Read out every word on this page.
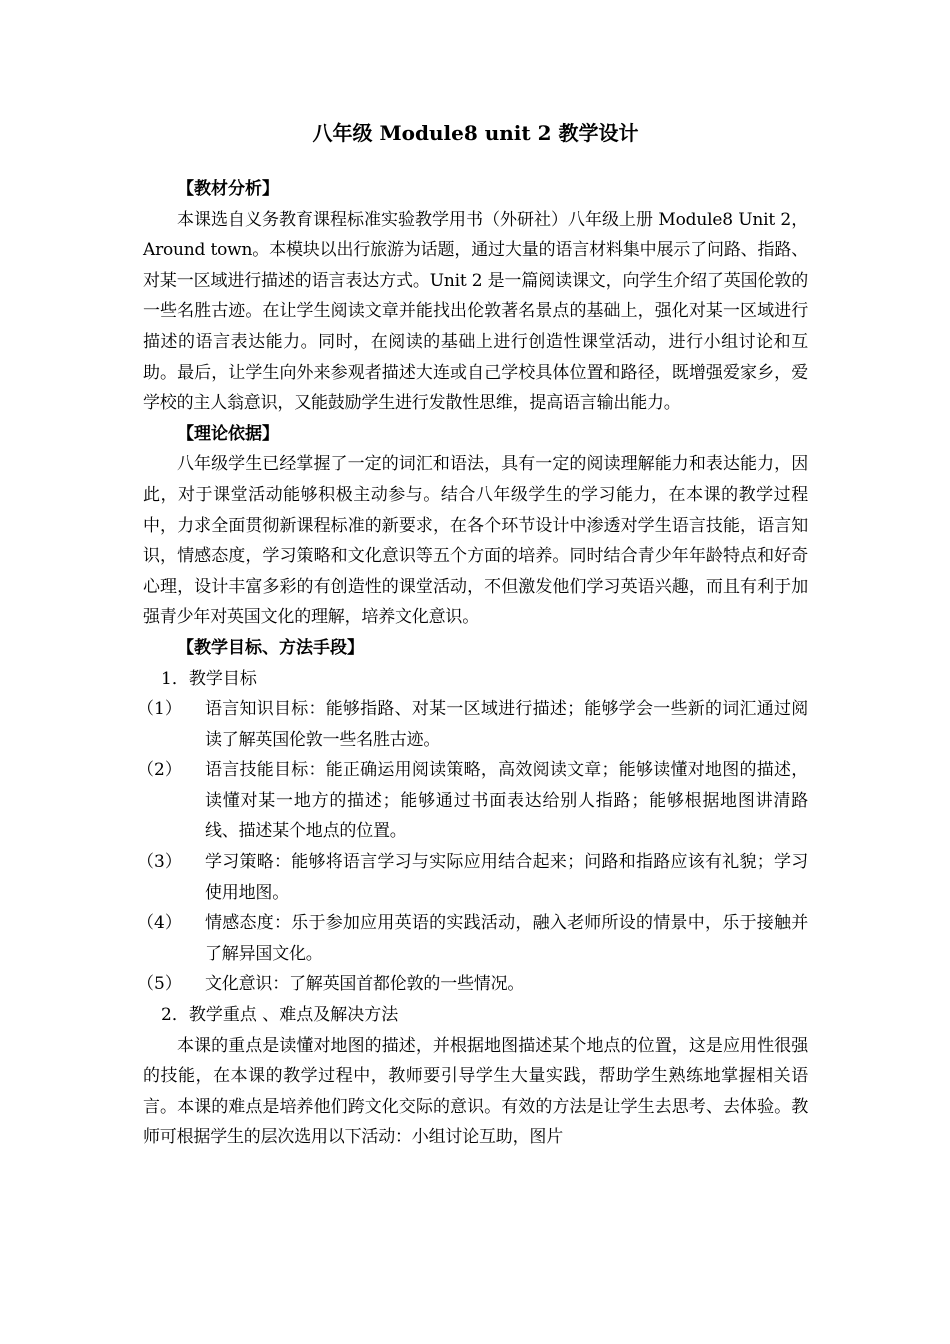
八年级 Module8 unit 2 教学设计

【教材分析】

本课选自义务教育课程标准实验教学用书（外研社）八年级上册 Module8 Unit 2， Around town。本模块以出行旅游为话题，通过大量的语言材料集中展示了问路、指路、对某一区域进行描述的语言表达方式。Unit 2 是一篇阅读课文，向学生介绍了英国伦敦的一些名胜古迹。在让学生阅读文章并能找出伦敦著名景点的基础上，强化对某一区域进行描述的语言表达能力。同时，在阅读的基础上进行创造性课堂活动，进行小组讨论和互助。最后，让学生向外来参观者描述大连或自己学校具体位置和路径，既增强爱家乡，爱学校的主人翁意识，又能鼓励学生进行发散性思维，提高语言输出能力。

【理论依据】

八年级学生已经掌握了一定的词汇和语法，具有一定的阅读理解能力和表达能力，因此，对于课堂活动能够积极主动参与。结合八年级学生的学习能力，在本课的教学过程中，力求全面贯彻新课程标准的新要求，在各个环节设计中渗透对学生语言技能，语言知识，情感态度，学习策略和文化意识等五个方面的培养。同时结合青少年年龄特点和好奇心理，设计丰富多彩的有创造性的课堂活动，不但激发他们学习英语兴趣，而且有利于加强青少年对英国文化的理解，培养文化意识。

【教学目标、方法手段】

1．教学目标

（1）	语言知识目标：能够指路、对某一区域进行描述；能够学会一些新的词汇通过阅读了解英国伦敦一些名胜古迹。
（2）	语言技能目标：能正确运用阅读策略，高效阅读文章；能够读懂对地图的描述，读懂对某一地方的描述；能够通过书面表达给别人指路；能够根据地图讲清路线、描述某个地点的位置。
（3）	学习策略：能够将语言学习与实际应用结合起来；问路和指路应该有礼貌；学习使用地图。
（4）	情感态度：乐于参加应用英语的实践活动，融入老师所设的情景中，乐于接触并了解异国文化。
（5）	文化意识：了解英国首都伦敦的一些情况。

2．教学重点 、难点及解决方法

本课的重点是读懂对地图的描述，并根据地图描述某个地点的位置，这是应用性很强的技能，在本课的教学过程中，教师要引导学生大量实践，帮助学生熟练地掌握相关语言。本课的难点是培养他们跨文化交际的意识。有效的方法是让学生去思考、去体验。教师可根据学生的层次选用以下活动：小组讨论互助，图片
